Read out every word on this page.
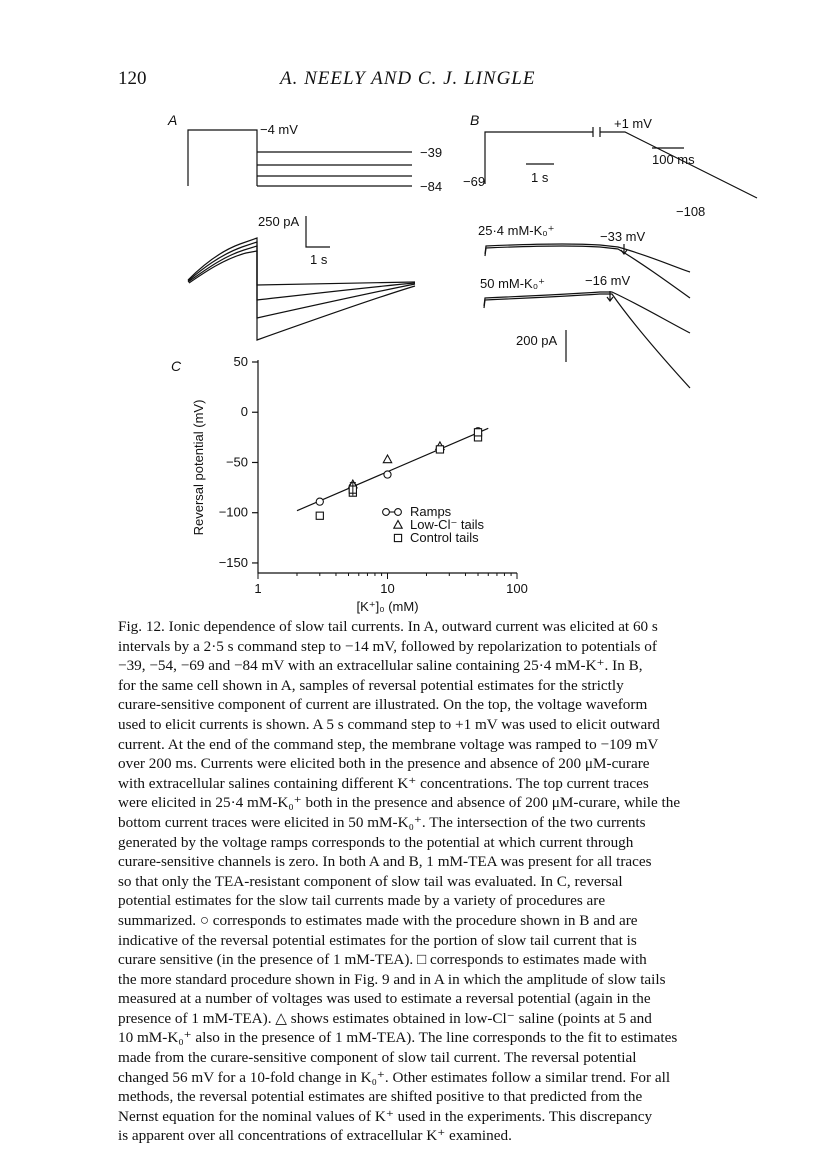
120	A. NEELY AND C. J. LINGLE
A
−4 mV
−39
−84
250 pA
1 s
B
−69
+1 mV
100 ms
1 s
−108
25·4 mM-K₀⁺	−33 mV
50 mM-K₀⁺	−16 mV
200 pA
C	50
0
−50
−100
−150
1	10	100
Reversal potential (mV)
[K⁺]₀ (mM)
Ramps
Low-Cl⁻ tails
Control tails
Fig. 12. Ionic dependence of slow tail currents. In A, outward current was elicited at 60 s
intervals by a 2·5 s command step to −14 mV, followed by repolarization to potentials of
−39, −54, −69 and −84 mV with an extracellular saline containing 25·4 mM-K⁺. In B,
for the same cell shown in A, samples of reversal potential estimates for the strictly
curare-sensitive component of current are illustrated. On the top, the voltage waveform
used to elicit currents is shown. A 5 s command step to +1 mV was used to elicit outward
current. At the end of the command step, the membrane voltage was ramped to −109 mV
over 200 ms. Currents were elicited both in the presence and absence of 200 μM-curare
with extracellular salines containing different K⁺ concentrations. The top current traces
were elicited in 25·4 mM-K₀⁺ both in the presence and absence of 200 μM-curare, while the
bottom current traces were elicited in 50 mM-K₀⁺. The intersection of the two currents
generated by the voltage ramps corresponds to the potential at which current through
curare-sensitive channels is zero. In both A and B, 1 mM-TEA was present for all traces
so that only the TEA-resistant component of slow tail was evaluated. In C, reversal
potential estimates for the slow tail currents made by a variety of procedures are
summarized. ○ corresponds to estimates made with the procedure shown in B and are
indicative of the reversal potential estimates for the portion of slow tail current that is
curare sensitive (in the presence of 1 mM-TEA). □ corresponds to estimates made with
the more standard procedure shown in Fig. 9 and in A in which the amplitude of slow tails
measured at a number of voltages was used to estimate a reversal potential (again in the
presence of 1 mM-TEA). △ shows estimates obtained in low-Cl⁻ saline (points at 5 and
10 mM-K₀⁺ also in the presence of 1 mM-TEA). The line corresponds to the fit to estimates
made from the curare-sensitive component of slow tail current. The reversal potential
changed 56 mV for a 10-fold change in K₀⁺. Other estimates follow a similar trend. For all
methods, the reversal potential estimates are shifted positive to that predicted from the
Nernst equation for the nominal values of K⁺ used in the experiments. This discrepancy
is apparent over all concentrations of extracellular K⁺ examined.
